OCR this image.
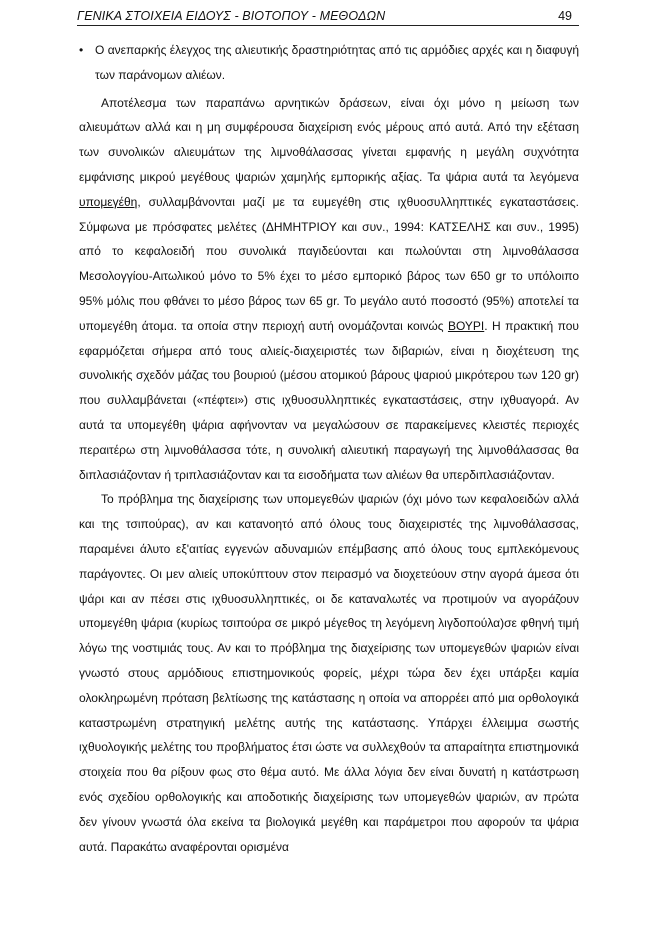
ΓΕΝΙΚΑ ΣΤΟΙΧΕΙΑ ΕΙΔΟΥΣ - ΒΙΟΤΟΠΟΥ - ΜΕΘΟΔΩΝ	49

• Ο ανεπαρκής έλεγχος της αλιευτικής δραστηριότητας από τις αρμόδιες αρχές και η διαφυγή των παράνομων αλιέων.

Αποτέλεσμα των παραπάνω αρνητικών δράσεων, είναι όχι μόνο η μείωση των αλιευμάτων αλλά και η μη συμφέρουσα διαχείριση ενός μέρους από αυτά. Από την εξέταση των συνολικών αλιευμάτων της λιμνοθάλασσας γίνεται εμφανής η μεγάλη συχνότητα εμφάνισης μικρού μεγέθους ψαριών χαμηλής εμπορικής αξίας. Τα ψάρια αυτά τα λεγόμενα υπομεγέθη, συλλαμβάνονται μαζί με τα ευμεγέθη στις ιχθυοσυλληπτικές εγκαταστάσεις. Σύμφωνα με πρόσφατες μελέτες (ΔΗΜΗΤΡΙΟΥ και συν., 1994: ΚΑΤΣΕΛΗΣ και συν., 1995) από το κεφαλοειδή που συνολικά παγιδεύονται και πωλούνται στη λιμνοθάλασσα Μεσολογγίου-Αιτωλικού μόνο το 5% έχει το μέσο εμπορικό βάρος των 650 gr το υπόλοιπο 95% μόλις που φθάνει το μέσο βάρος των 65 gr. Το μεγάλο αυτό ποσοστό (95%) αποτελεί τα υπομεγέθη άτομα. τα οποία στην περιοχή αυτή ονομάζονται κοινώς ΒΟΥΡΙ. Η πρακτική που εφαρμόζεται σήμερα από τους αλιείς-διαχειριστές των διβαριών, είναι η διοχέτευση της συνολικής σχεδόν μάζας του βουριού (μέσου ατομικού βάρους ψαριού μικρότερου των 120 gr) που συλλαμβάνεται («πέφτει») στις ιχθυοσυλληπτικές εγκαταστάσεις, στην ιχθυαγορά. Αν αυτά τα υπομεγέθη ψάρια αφήνονταν να μεγαλώσουν σε παρακείμενες κλειστές περιοχές περαιτέρω στη λιμνοθάλασσα τότε, η συνολική αλιευτική παραγωγή της λιμνοθάλασσας θα διπλασιάζονταν ή τριπλασιάζονταν και τα εισοδήματα των αλιέων θα υπερδιπλασιάζονταν.

Το πρόβλημα της διαχείρισης των υπομεγεθών ψαριών (όχι μόνο των κεφαλοειδών αλλά και της τσιπούρας), αν και κατανοητό από όλους τους διαχειριστές της λιμνοθάλασσας, παραμένει άλυτο εξ'αιτίας εγγενών αδυναμιών επέμβασης από όλους τους εμπλεκόμενους παράγοντες. Οι μεν αλιείς υποκύπτουν στον πειρασμό να διοχετεύουν στην αγορά άμεσα ότι ψάρι και αν πέσει στις ιχθυοσυλληπτικές, οι δε καταναλωτές να προτιμούν να αγοράζουν υπομεγέθη ψάρια (κυρίως τσιπούρα σε μικρό μέγεθος τη λεγόμενη λιγδοπούλα)σε φθηνή τιμή λόγω της νοστιμιάς τους. Αν και το πρόβλημα της διαχείρισης των υπομεγεθών ψαριών είναι γνωστό στους αρμόδιους επιστημονικούς φορείς, μέχρι τώρα δεν έχει υπάρξει καμία ολοκληρωμένη πρόταση βελτίωσης της κατάστασης η οποία να απορρέει από μια ορθολογικά καταστρωμένη στρατηγική μελέτης αυτής της κατάστασης. Υπάρχει έλλειμμα σωστής ιχθυολογικής μελέτης του προβλήματος έτσι ώστε να συλλεχθούν τα απαραίτητα επιστημονικά στοιχεία που θα ρίξουν φως στο θέμα αυτό. Με άλλα λόγια δεν είναι δυνατή η κατάστρωση ενός σχεδίου ορθολογικής και αποδοτικής διαχείρισης των υπομεγεθών ψαριών, αν πρώτα δεν γίνουν γνωστά όλα εκείνα τα βιολογικά μεγέθη και παράμετροι που αφορούν τα ψάρια αυτά. Παρακάτω αναφέρονται ορισμένα
